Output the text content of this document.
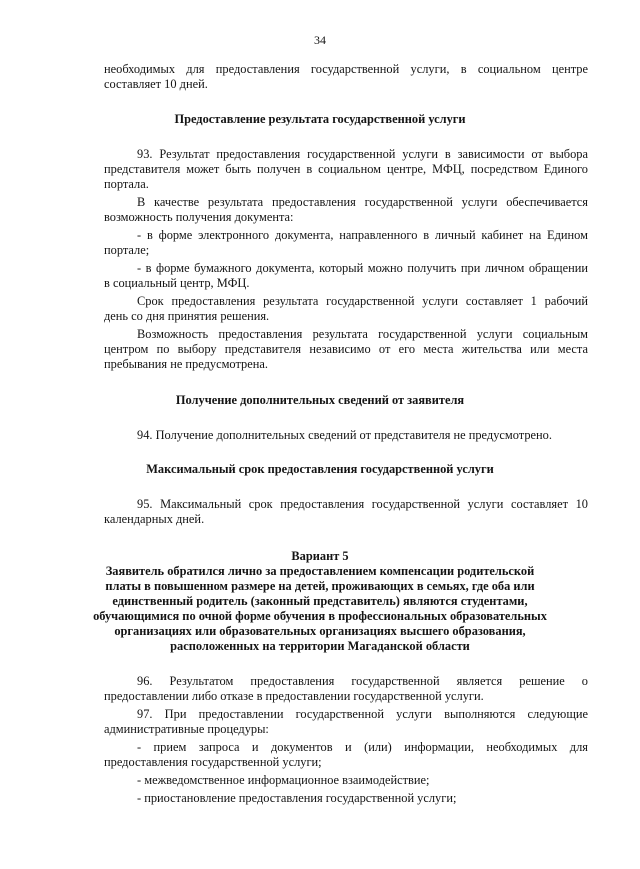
34
необходимых для предоставления государственной услуги, в социальном центре
составляет 10 дней.
Предоставление результата государственной услуги
93. Результат предоставления государственной услуги в зависимости от выбора
представителя может быть получен в социальном центре, МФЦ, посредством Единого
портала.
В качестве результата предоставления государственной услуги обеспечивается
возможность получения документа:
- в форме электронного документа, направленного в личный кабинет на Едином
портале;
- в форме бумажного документа, который можно получить при личном обращении
в социальный центр, МФЦ.
Срок предоставления результата государственной услуги составляет 1 рабочий
день со дня принятия решения.
Возможность предоставления результата государственной услуги социальным
центром по выбору представителя независимо от его места жительства или места
пребывания не предусмотрена.
Получение дополнительных сведений от заявителя
94. Получение дополнительных сведений от представителя не предусмотрено.
Максимальный срок предоставления государственной услуги
95. Максимальный срок предоставления государственной услуги составляет 10
календарных дней.
Вариант 5
Заявитель обратился лично за предоставлением компенсации родительской
платы в повышенном размере на детей, проживающих в семьях, где оба или
единственный родитель (законный представитель) являются студентами,
обучающимися по очной форме обучения в профессиональных образовательных
организациях или образовательных организациях высшего образования,
расположенных на территории Магаданской области
96. Результатом предоставления государственной является решение о
предоставлении либо отказе в предоставлении государственной услуги.
97. При предоставлении государственной услуги выполняются следующие
административные процедуры:
- прием запроса и документов и (или) информации, необходимых для
предоставления государственной услуги;
- межведомственное информационное взаимодействие;
- приостановление предоставления государственной услуги;
